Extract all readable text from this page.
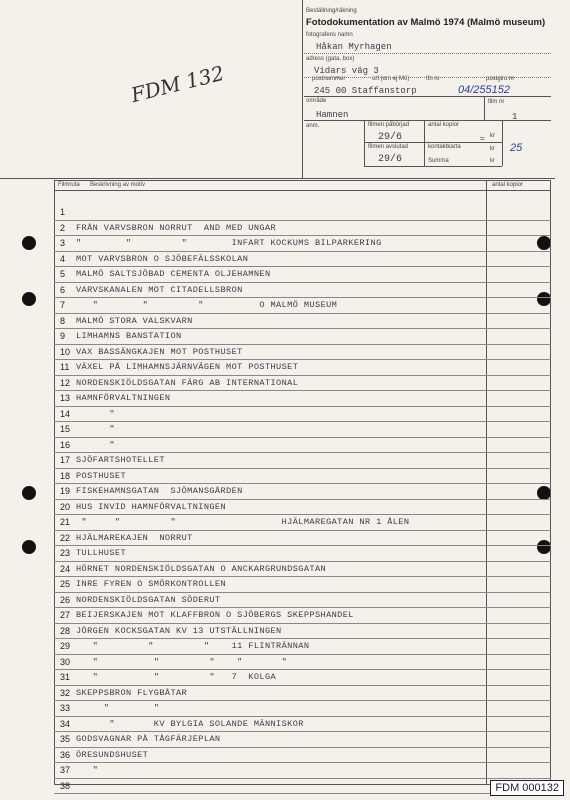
FDM 132
Beställning/räkning
Fotodokumentation av Malmö 1974 (Malmö museum)
fotografens namn
Håkan Myrhagen
adress (gata, box)
Vidars väg 3
postnummer	ort (om ej Mö)	tfn nr	postgiro nr
245 00 Staffanstorp	04/255152
område	film nr
Hamnen	1
anm.	filmen påbörjad
29/6
filmen avslutad
29/6
antal kopior
= kr
kontaktkarta	kr 25
Summa	kr
Filmruta Beskrivning av motiv	antal kopior
1
2	FRÅN VARVSBRON NORRUT  AND MED UNGAR
3	"        "         "        INFART KOCKUMS BILPARKERING
4	MOT VARVSBRON O SJÖBEFÄLSSKOLAN
5	MALMÖ SALTSJÖBAD CEMENTA OLJEHAMNEN
6	VARVSKANALEN MOT CITADELLSBRON
7	"        "         "          O MALMÖ MUSEUM
8	MALMÖ STORA VALSKVARN
9	LIMHAMNS BANSTATION
10 VAX BASSÄNGKAJEN MOT POSTHUSET
11 VÄXEL PÅ LIMHAMNSJÄRNVÄGEN MOT POSTHUSET
12 NORDENSKIÖLDSGATAN FÄRG AB INTERNATIONAL
13 HAMNFÖRVALTNINGEN
14 "
15 "
16 "
17 SJÖFARTSHOTELLET
18 POSTHUSET
19 FISKEHAMNSGATAN  SJÖMANSGÅRDEN
20 HUS INVID HAMNFÖRVALTNINGEN
21 "     "         "                   HJÄLMAREGATAN NR 1 ÅLEN
22 HJÄLMAREKAJEN  NORRUT
23 TULLHUSET
24 HÖRNET NORDENSKIÖLDSGATAN O ANCKARGRUNDSGATAN
25 INRE FYREN O SMÖRKONTROLLEN
26 NORDENSKIÖLDSGATAN SÖDERUT
27 BEIJERSKAJEN MOT KLAFFBRON O SJÖBERGS SKEPPSHANDEL
28 JÖRGEN KOCKSGATAN KV 13 UTSTÄLLNINGEN
29 "         "         "    11 FLINTRÄNNAN
30 "          "         "    "       "
31 "          "         "   7  KOLGA
32 SKEPPSBRON FLYGBÅTAR
33 "        "
34 "       KV BYLGIA SOLANDE MÄNNISKOR
35 GODSVAGNAR PÅ TÅGFÄRJEPLAN
36 ÖRESUNDSHUSET
37 "
38	FDM 000132
